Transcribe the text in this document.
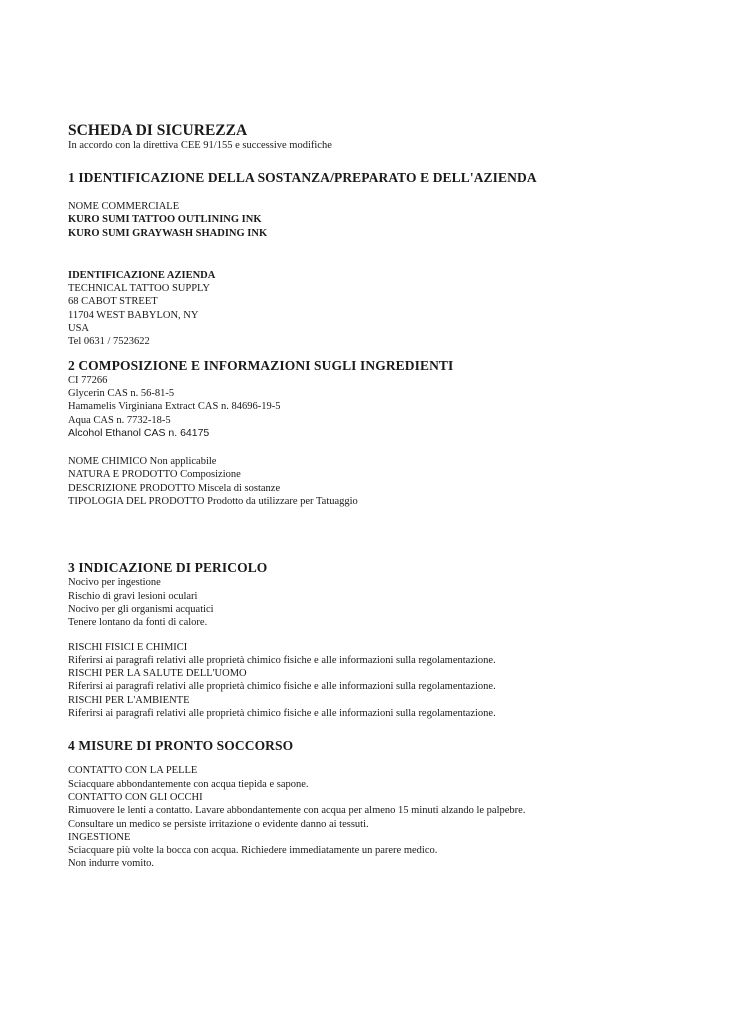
SCHEDA DI SICUREZZA

In accordo con la direttiva CEE 91/155 e successive modifiche

1 IDENTIFICAZIONE DELLA SOSTANZA/PREPARATO E DELL'AZIENDA

NOME COMMERCIALE

KURO SUMI TATTOO OUTLINING INK

KURO SUMI GRAYWASH SHADING INK

IDENTIFICAZIONE AZIENDA

TECHNICAL TATTOO SUPPLY

68 CABOT STREET

11704 WEST BABYLON, NY

USA

Tel 0631 / 7523622

2 COMPOSIZIONE E INFORMAZIONI SUGLI INGREDIENTI

CI 77266

Glycerin CAS n. 56-81-5

Hamamelis Virginiana Extract CAS n. 84696-19-5

Aqua CAS n. 7732-18-5

Alcohol Ethanol CAS n. 64175

NOME CHIMICO Non applicabile

NATURA E PRODOTTO Composizione

DESCRIZIONE PRODOTTO Miscela di sostanze

TIPOLOGIA DEL PRODOTTO Prodotto da utilizzare per Tatuaggio

3 INDICAZIONE DI PERICOLO

Nocivo per ingestione

Rischio di gravi lesioni oculari

Nocivo per gli organismi acquatici

Tenere lontano da fonti di calore.

RISCHI FISICI E CHIMICI

Riferirsi ai paragrafi relativi alle proprietà chimico fisiche e alle informazioni sulla regolamentazione.

RISCHI PER LA SALUTE DELL'UOMO

Riferirsi ai paragrafi relativi alle proprietà chimico fisiche e alle informazioni sulla regolamentazione.

RISCHI PER L'AMBIENTE

Riferirsi ai paragrafi relativi alle proprietà chimico fisiche e alle informazioni sulla regolamentazione.

4 MISURE DI PRONTO SOCCORSO

CONTATTO CON LA PELLE

Sciacquare abbondantemente con acqua tiepida e sapone.

CONTATTO CON GLI OCCHI

Rimuovere le lenti a contatto. Lavare abbondantemente con acqua per almeno 15 minuti alzando le palpebre.

Consultare un medico se persiste irritazione o evidente danno ai tessuti.

INGESTIONE

Sciacquare più volte la bocca con acqua. Richiedere immediatamente un parere medico.

Non indurre vomito.
